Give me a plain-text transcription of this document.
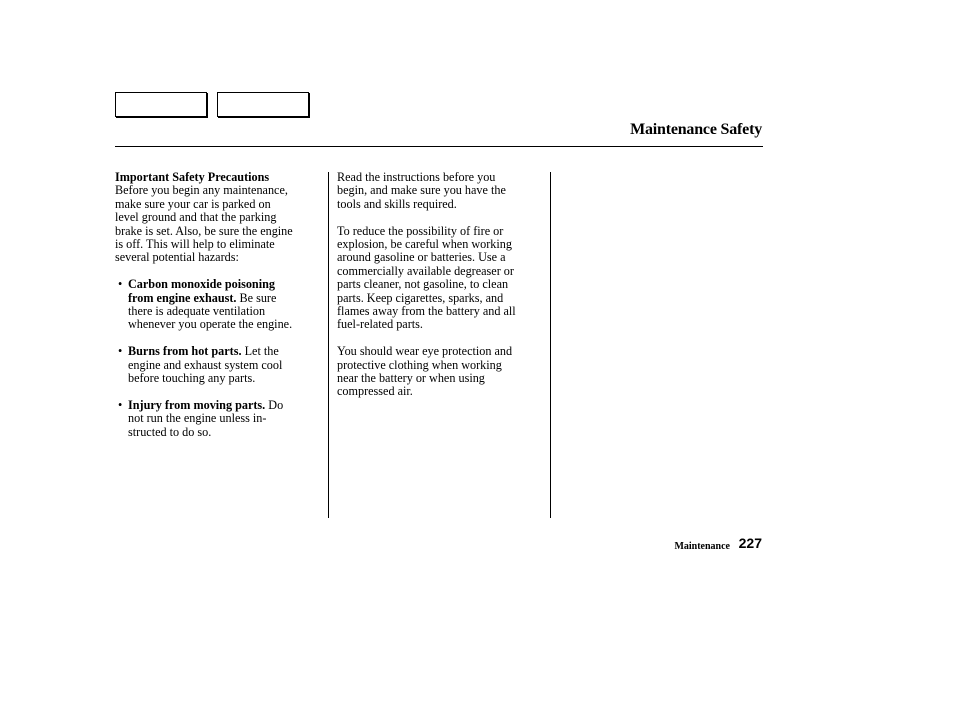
Maintenance Safety

Important Safety Precautions
Before you begin any maintenance,
make sure your car is parked on
level ground and that the parking
brake is set. Also, be sure the engine
is off. This will help to eliminate
several potential hazards:

• Carbon monoxide poisoning
from engine exhaust. Be sure
there is adequate ventilation
whenever you operate the engine.
• Burns from hot parts. Let the
engine and exhaust system cool
before touching any parts.
• Injury from moving parts. Do
not run the engine unless in-
structed to do so.

Read the instructions before you
begin, and make sure you have the
tools and skills required.

To reduce the possibility of fire or
explosion, be careful when working
around gasoline or batteries. Use a
commercially available degreaser or
parts cleaner, not gasoline, to clean
parts. Keep cigarettes, sparks, and
flames away from the battery and all
fuel-related parts.

You should wear eye protection and
protective clothing when working
near the battery or when using
compressed air.

Maintenance 227
